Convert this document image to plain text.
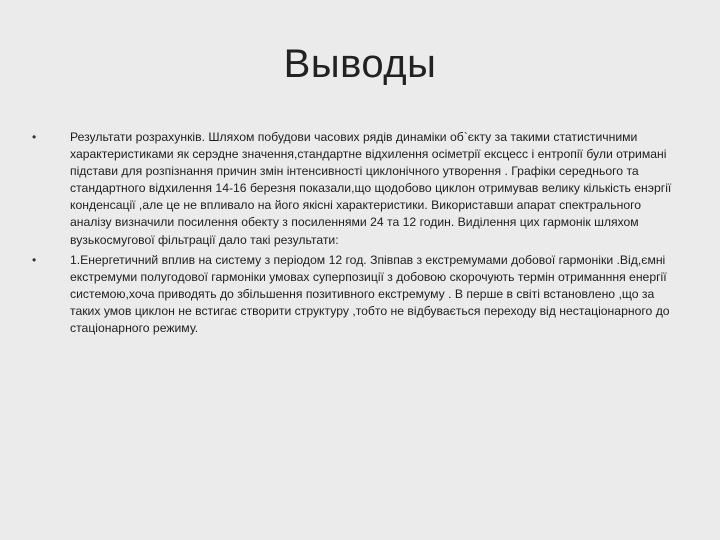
Выводы
•	Результати розрахунків. Шляхом побудови часових рядів динаміки об`єкту за такими статистичними характеристиками як серэдне значення,стандартне відхилення осіметрії ексцесс і ентропії були отримані підстави для розпізнання причин змін інтенсивності циклонічного утворення . Графіки середнього та стандартного відхилення 14-16 березня показали,що щодобово циклон отримував велику кількість енэргії конденсації ,але це не впливало на його якісні характеристики. Використавши апарат спектрального аналізу визначили посилення обекту з посиленнями 24 та 12 годин. Виділення цих гармонік шляхом вузькосмугової фільтрації дало такі результати:
•	1.Енергетичний вплив на систему з періодом 12 год. Зпівпав з екстремумами добової гармоніки .Від,ємні екстремуми полугодової гармоніки умовах суперпозиції з добовою скорочують термін отриманння енергії системою,хоча приводять до збільшення позитивного екстремуму . В перше в світі встановлено ,що за таких умов циклон не встигає створити структуру ,тобто не відбувається переходу від нестаціонарного до стаціонарного режиму.
